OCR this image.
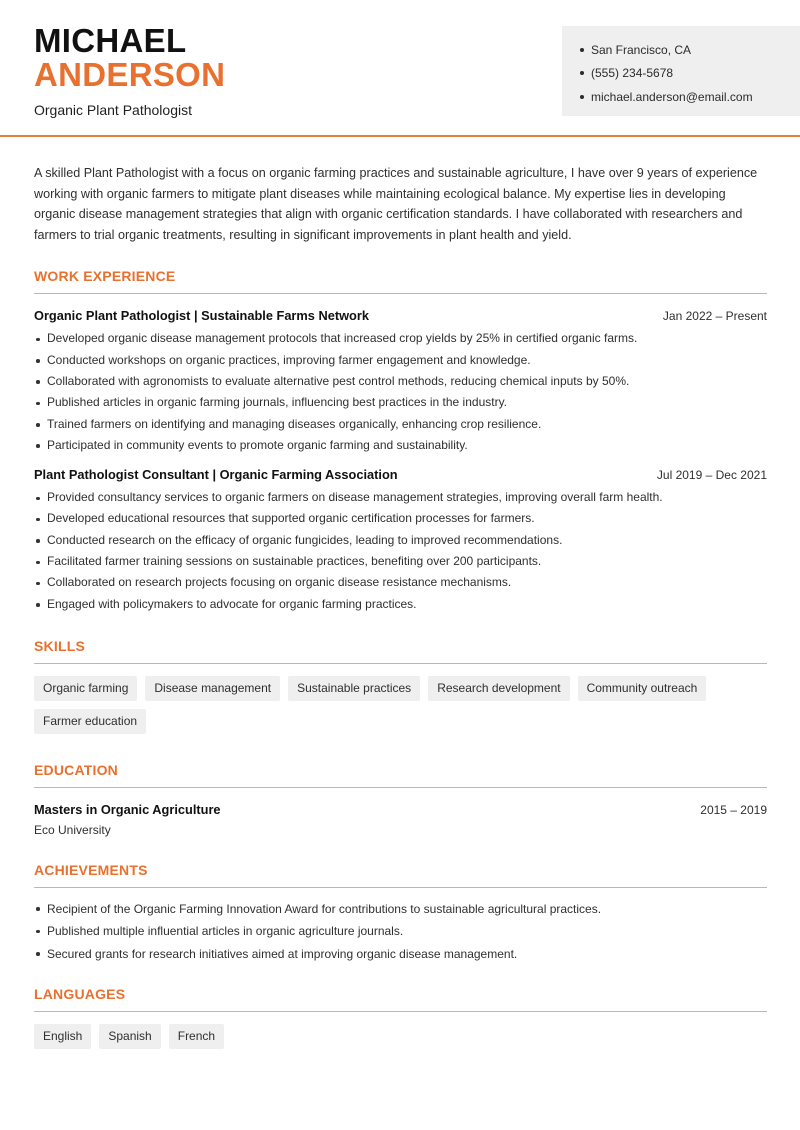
MICHAEL
ANDERSON
Organic Plant Pathologist
San Francisco, CA
(555) 234-5678
michael.anderson@email.com

A skilled Plant Pathologist with a focus on organic farming practices and sustainable agriculture, I have over 9 years of experience working with organic farmers to mitigate plant diseases while maintaining ecological balance. My expertise lies in developing organic disease management strategies that align with organic certification standards. I have collaborated with researchers and farmers to trial organic treatments, resulting in significant improvements in plant health and yield.

WORK EXPERIENCE
Organic Plant Pathologist | Sustainable Farms Network	Jan 2022 – Present
Developed organic disease management protocols that increased crop yields by 25% in certified organic farms.
Conducted workshops on organic practices, improving farmer engagement and knowledge.
Collaborated with agronomists to evaluate alternative pest control methods, reducing chemical inputs by 50%.
Published articles in organic farming journals, influencing best practices in the industry.
Trained farmers on identifying and managing diseases organically, enhancing crop resilience.
Participated in community events to promote organic farming and sustainability.
Plant Pathologist Consultant | Organic Farming Association	Jul 2019 – Dec 2021
Provided consultancy services to organic farmers on disease management strategies, improving overall farm health.
Developed educational resources that supported organic certification processes for farmers.
Conducted research on the efficacy of organic fungicides, leading to improved recommendations.
Facilitated farmer training sessions on sustainable practices, benefiting over 200 participants.
Collaborated on research projects focusing on organic disease resistance mechanisms.
Engaged with policymakers to advocate for organic farming practices.
SKILLS
Organic farming	Disease management	Sustainable practices	Research development	Community outreach
Farmer education
EDUCATION
Masters in Organic Agriculture	2015 – 2019
Eco University
ACHIEVEMENTS
Recipient of the Organic Farming Innovation Award for contributions to sustainable agricultural practices.
Published multiple influential articles in organic agriculture journals.
Secured grants for research initiatives aimed at improving organic disease management.
LANGUAGES
English	Spanish	French
